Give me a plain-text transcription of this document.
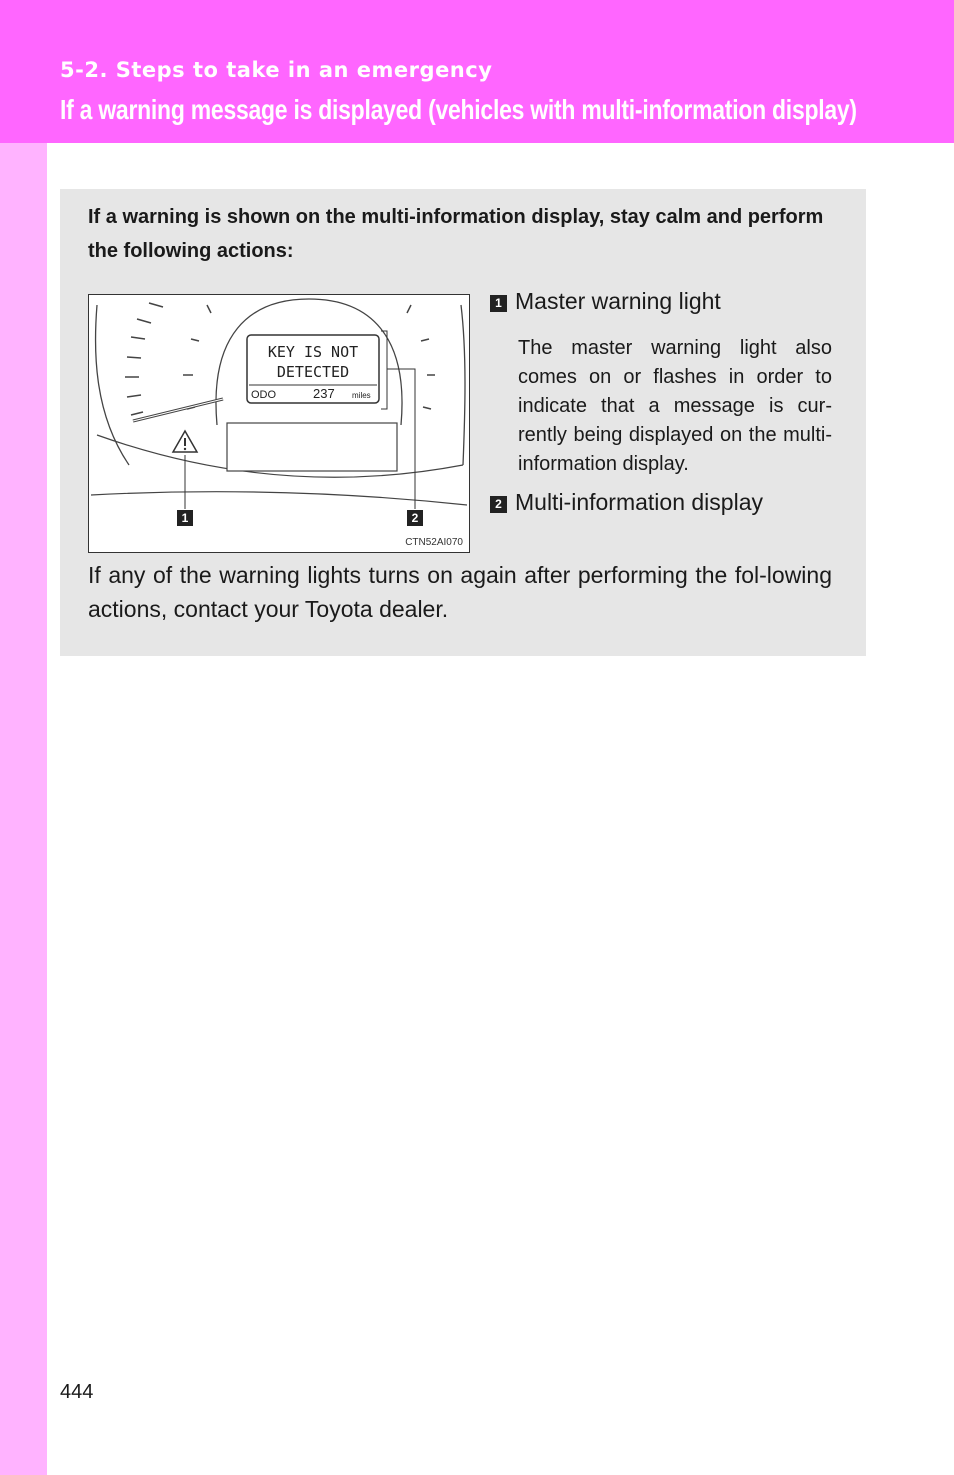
5-2. Steps to take in an emergency
If a warning message is displayed (vehicles with multi-information display)
If a warning is shown on the multi-information display, stay calm and perform the following actions:
KEY IS NOT
DETECTED
ODO	237 miles
1	2
CTN52AI070
1 Master warning light
The master warning light also comes on or flashes in order to indicate that a message is cur-rently being displayed on the multi-information display.
2 Multi-information display
If any of the warning lights turns on again after performing the fol-lowing actions, contact your Toyota dealer.
444
